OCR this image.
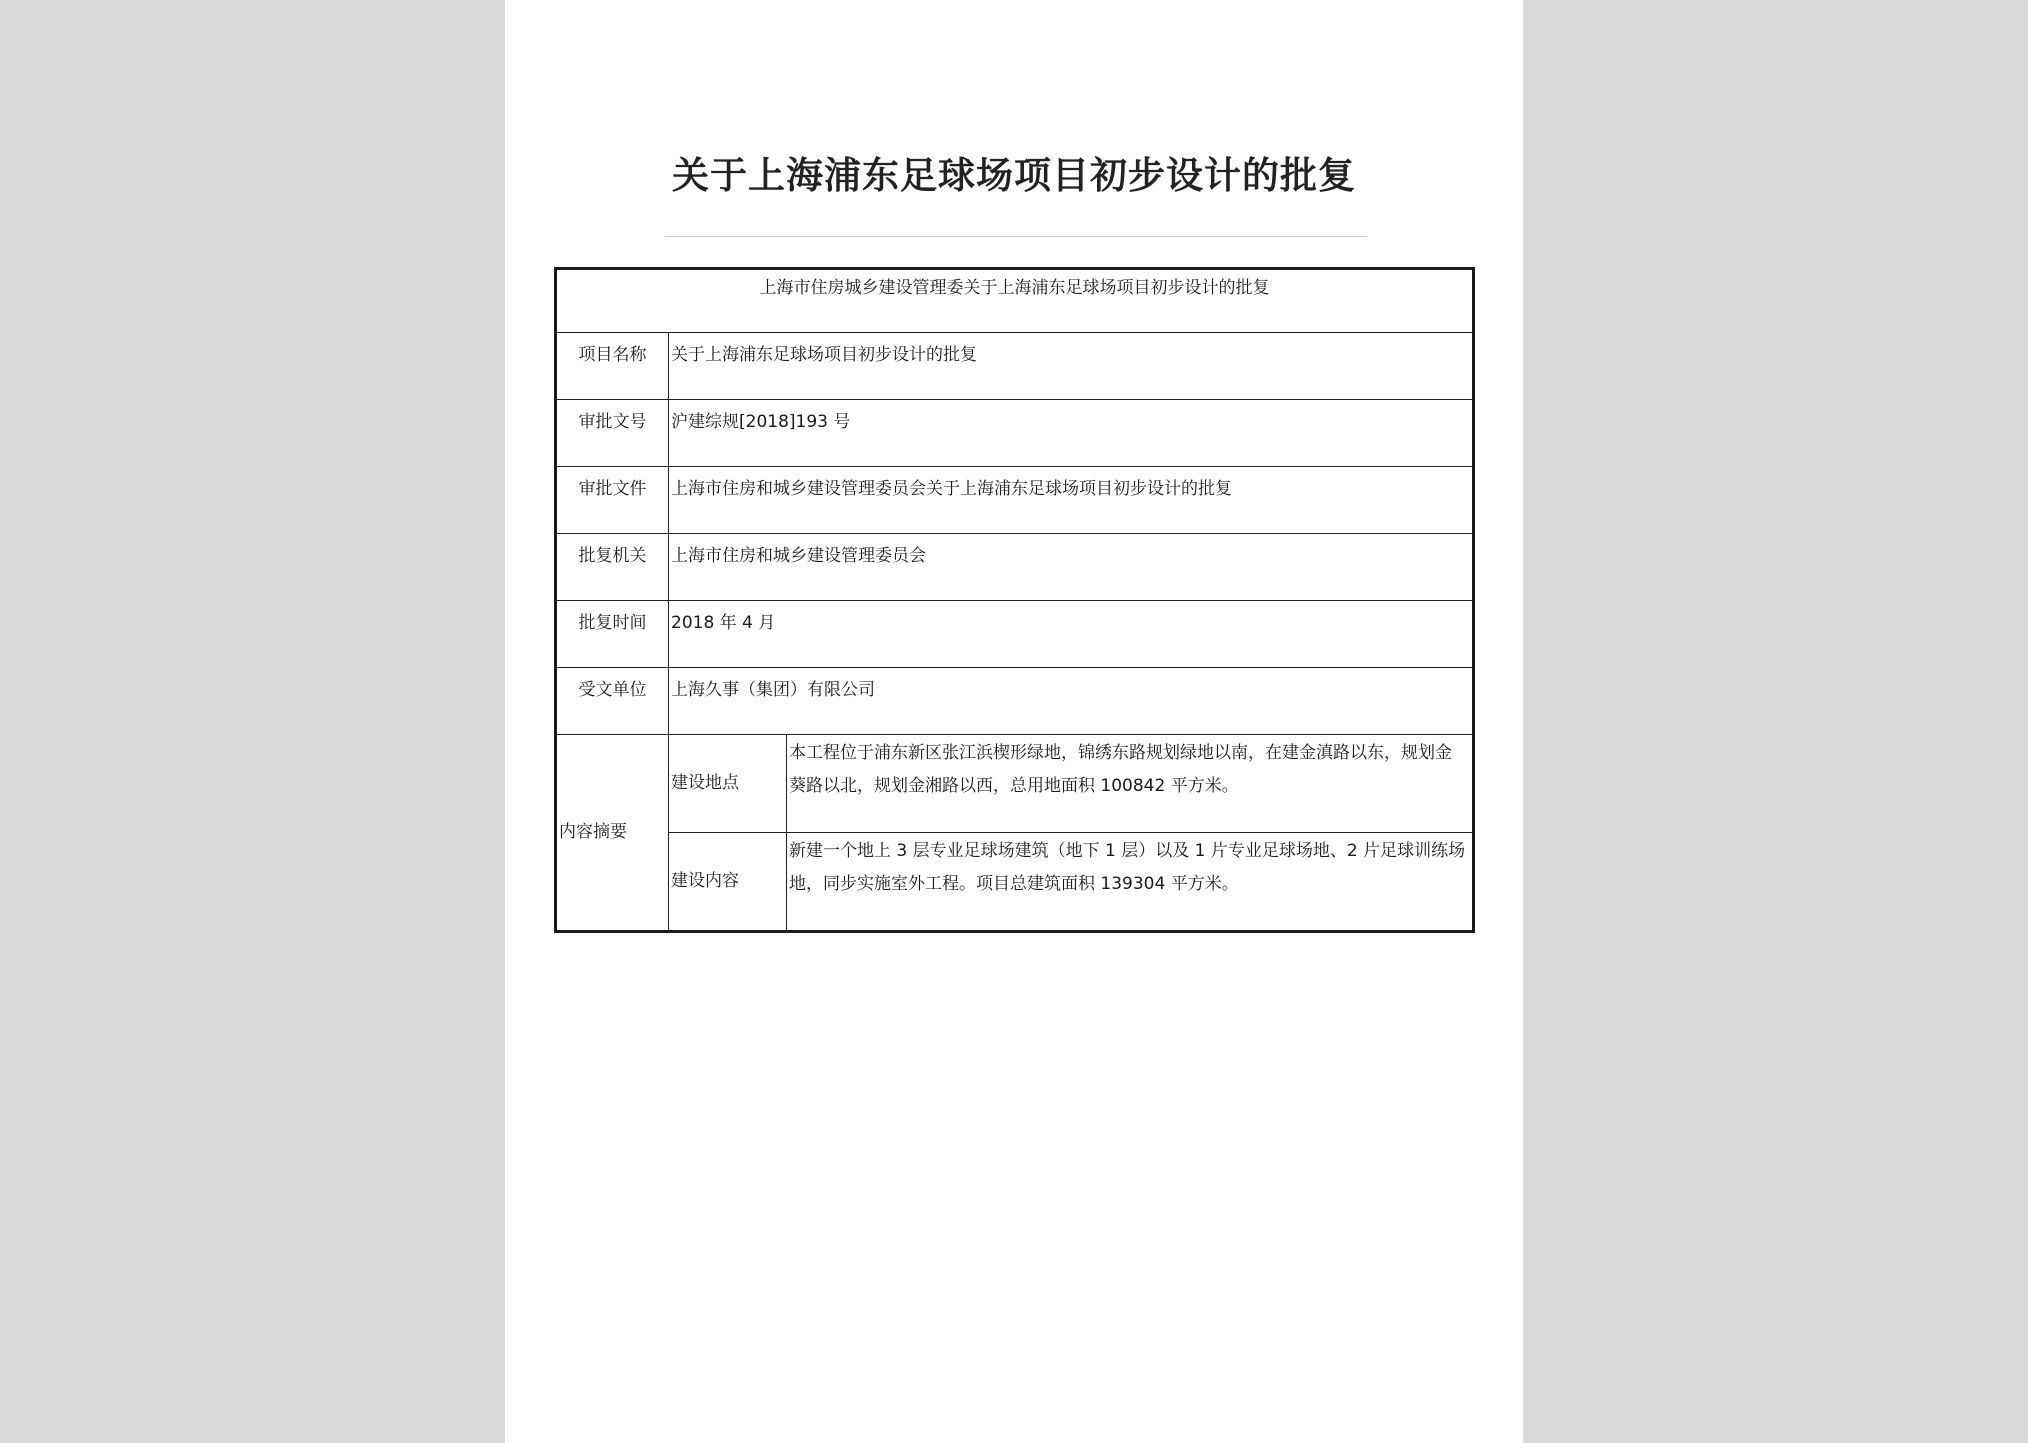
关于上海浦东足球场项目初步设计的批复
上海市住房城乡建设管理委关于上海浦东足球场项目初步设计的批复		
项目名称	关于上海浦东足球场项目初步设计的批复	
审批文号	沪建综规[2018]193 号	
审批文件	上海市住房和城乡建设管理委员会关于上海浦东足球场项目初步设计的批复	
批复机关	上海市住房和城乡建设管理委员会	
批复时间	2018 年 4 月	
受文单位	上海久事（集团）有限公司	
内容摘要	建设地点	本工程位于浦东新区张江浜楔形绿地，锦绣东路规划绿地以南，在建金滇路以东，规划金葵路以北，规划金湘路以西，总用地面积 100842 平方米。
	建设内容	新建一个地上 3 层专业足球场建筑（地下 1 层）以及 1 片专业足球场地、2 片足球训练场地，同步实施室外工程。项目总建筑面积 139304 平方米。
